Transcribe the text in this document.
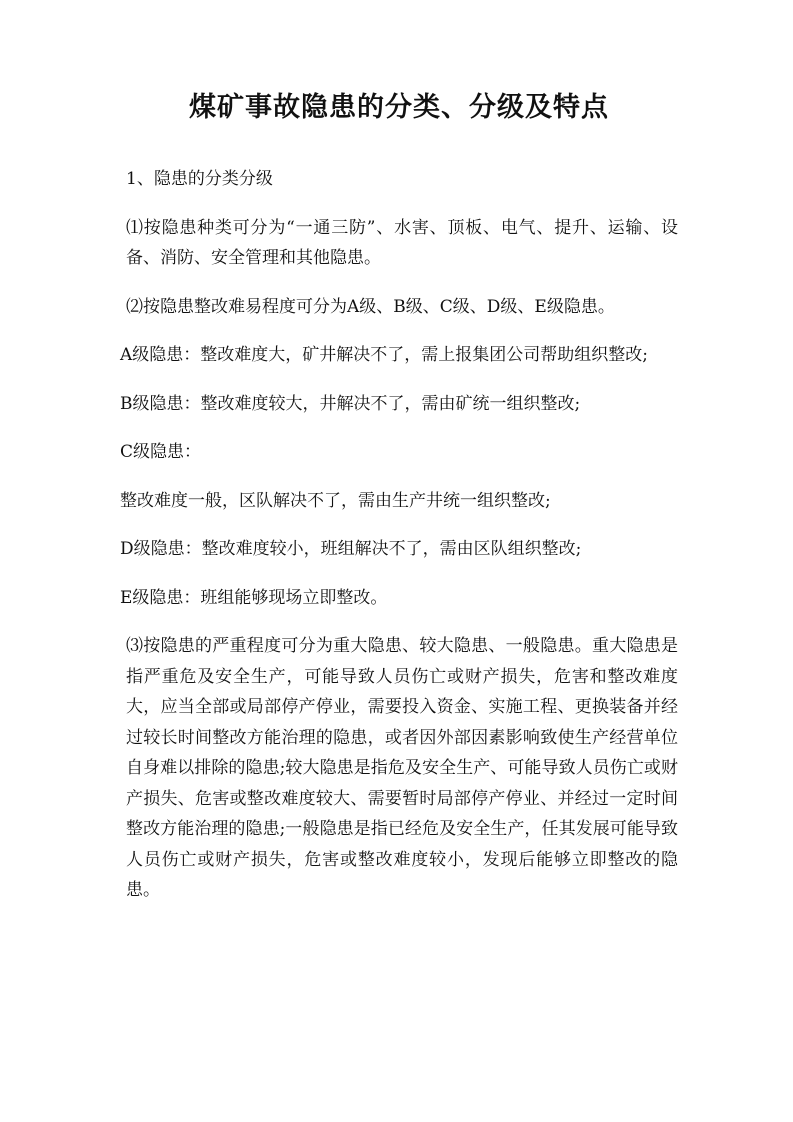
煤矿事故隐患的分类、分级及特点

1、隐患的分类分级

⑴按隐患种类可分为“一通三防”、水害、顶板、电气、提升、运输、设备、消防、安全管理和其他隐患。

⑵按隐患整改难易程度可分为A级、B级、C级、D级、E级隐患。

A级隐患：整改难度大，矿井解决不了，需上报集团公司帮助组织整改;

B级隐患：整改难度较大，井解决不了，需由矿统一组织整改;

C级隐患：

整改难度一般，区队解决不了，需由生产井统一组织整改;

D级隐患：整改难度较小，班组解决不了，需由区队组织整改;

E级隐患：班组能够现场立即整改。

⑶按隐患的严重程度可分为重大隐患、较大隐患、一般隐患。重大隐患是指严重危及安全生产，可能导致人员伤亡或财产损失，危害和整改难度大，应当全部或局部停产停业，需要投入资金、实施工程、更换装备并经过较长时间整改方能治理的隐患，或者因外部因素影响致使生产经营单位自身难以排除的隐患;较大隐患是指危及安全生产、可能导致人员伤亡或财产损失、危害或整改难度较大、需要暂时局部停产停业、并经过一定时间整改方能治理的隐患;一般隐患是指已经危及安全生产，任其发展可能导致人员伤亡或财产损失，危害或整改难度较小，发现后能够立即整改的隐患。
